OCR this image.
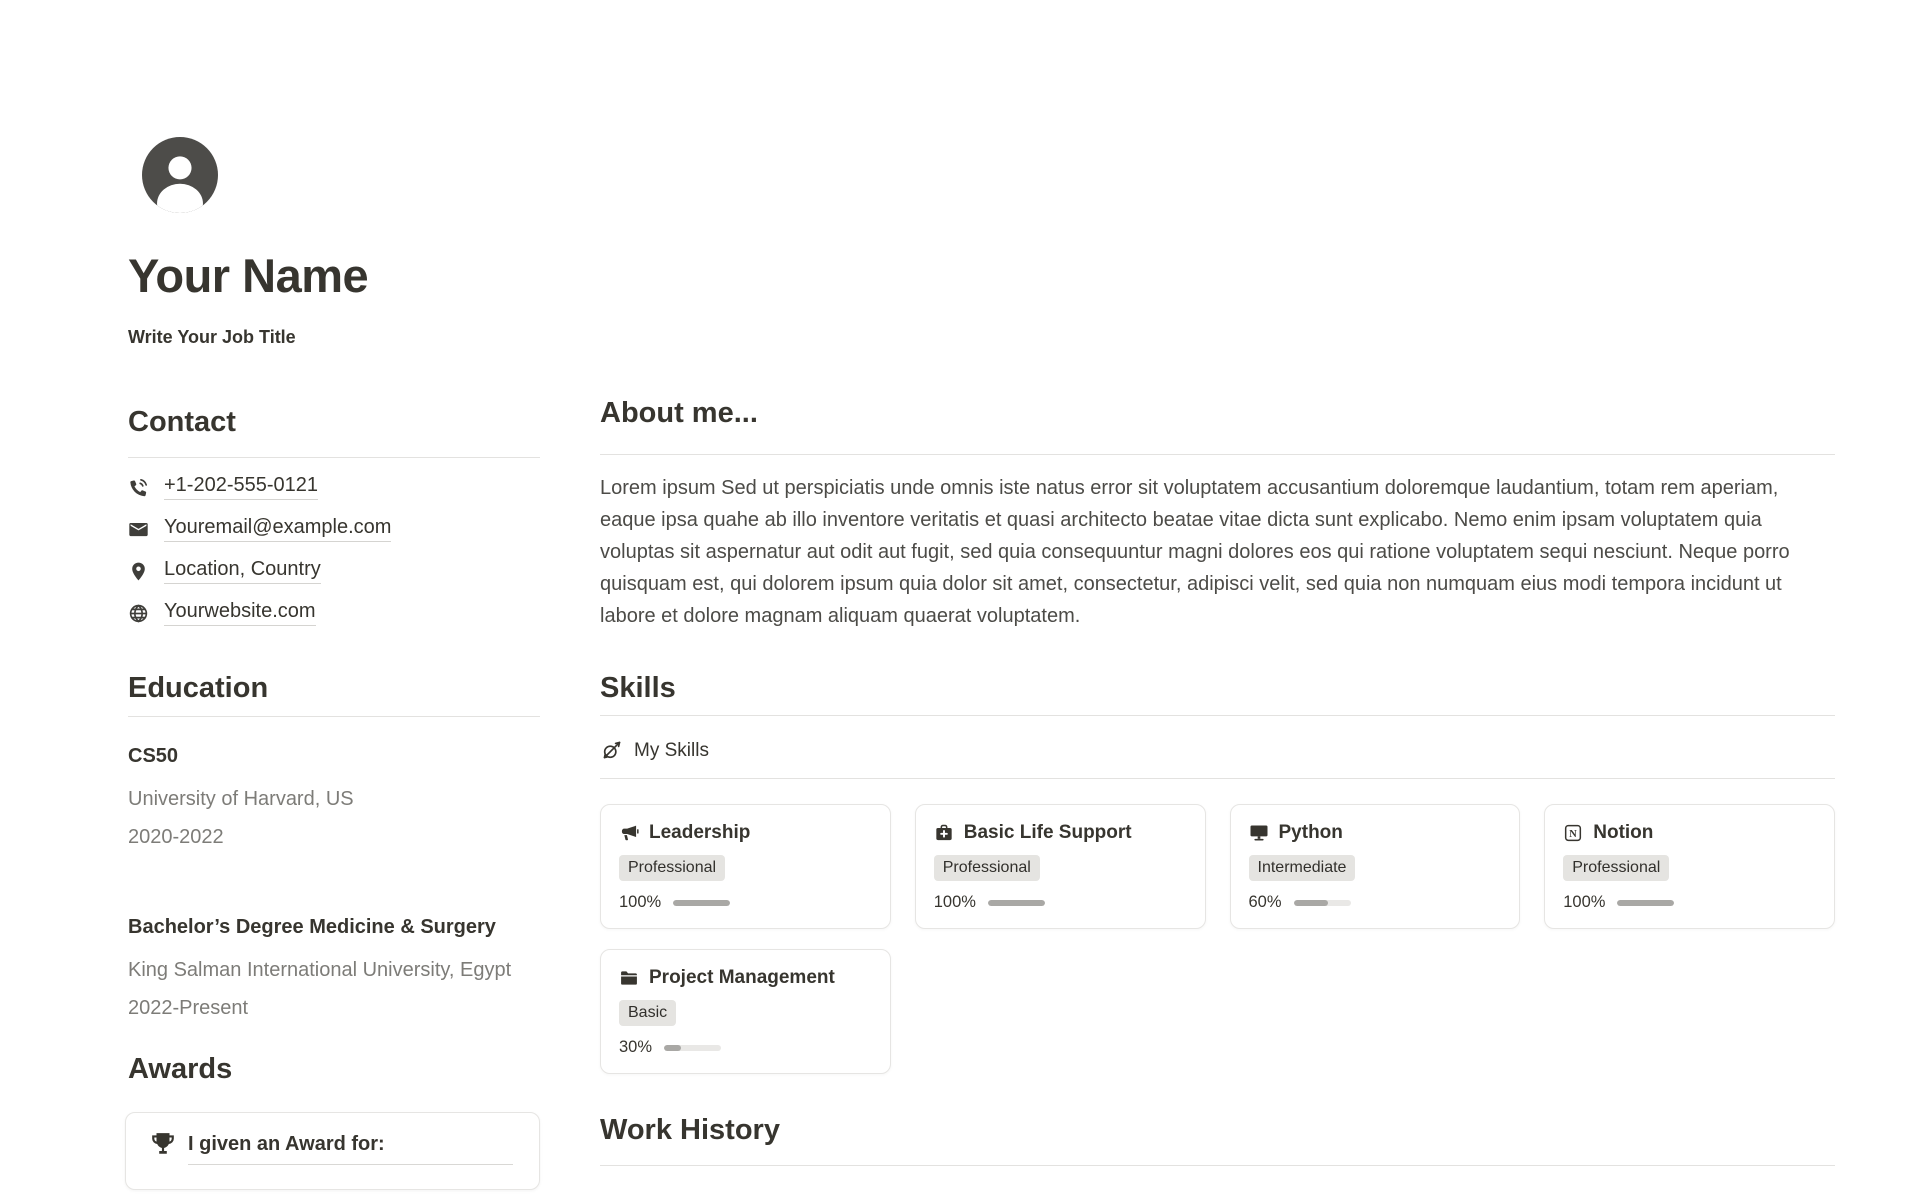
Your Name
Write Your Job Title
Contact
+1-202-555-0121
Youremail@example.com
Location, Country
Yourwebsite.com
Education
CS50
University of Harvard, US
2020-2022
Bachelor’s Degree Medicine & Surgery
King Salman International University, Egypt
2022-Present
Awards
I given an Award for:
About me...

Lorem ipsum Sed ut perspiciatis unde omnis iste natus error sit voluptatem accusantium doloremque laudantium, totam rem aperiam, eaque ipsa quahe ab illo inventore veritatis et quasi architecto beatae vitae dicta sunt explicabo. Nemo enim ipsam voluptatem quia voluptas sit aspernatur aut odit aut fugit, sed quia consequuntur magni dolores eos qui ratione voluptatem sequi nesciunt. Neque porro quisquam est, qui dolorem ipsum quia dolor sit amet, consectetur, adipisci velit, sed quia non numquam eius modi tempora incidunt ut labore et dolore magnam aliquam quaerat voluptatem.

Skills
My Skills
Leadership
Professional
100%
Basic Life Support
Professional
100%
Python
Intermediate
60%
N Notion
Professional
100%
Project Management
Basic
30%
Work History
